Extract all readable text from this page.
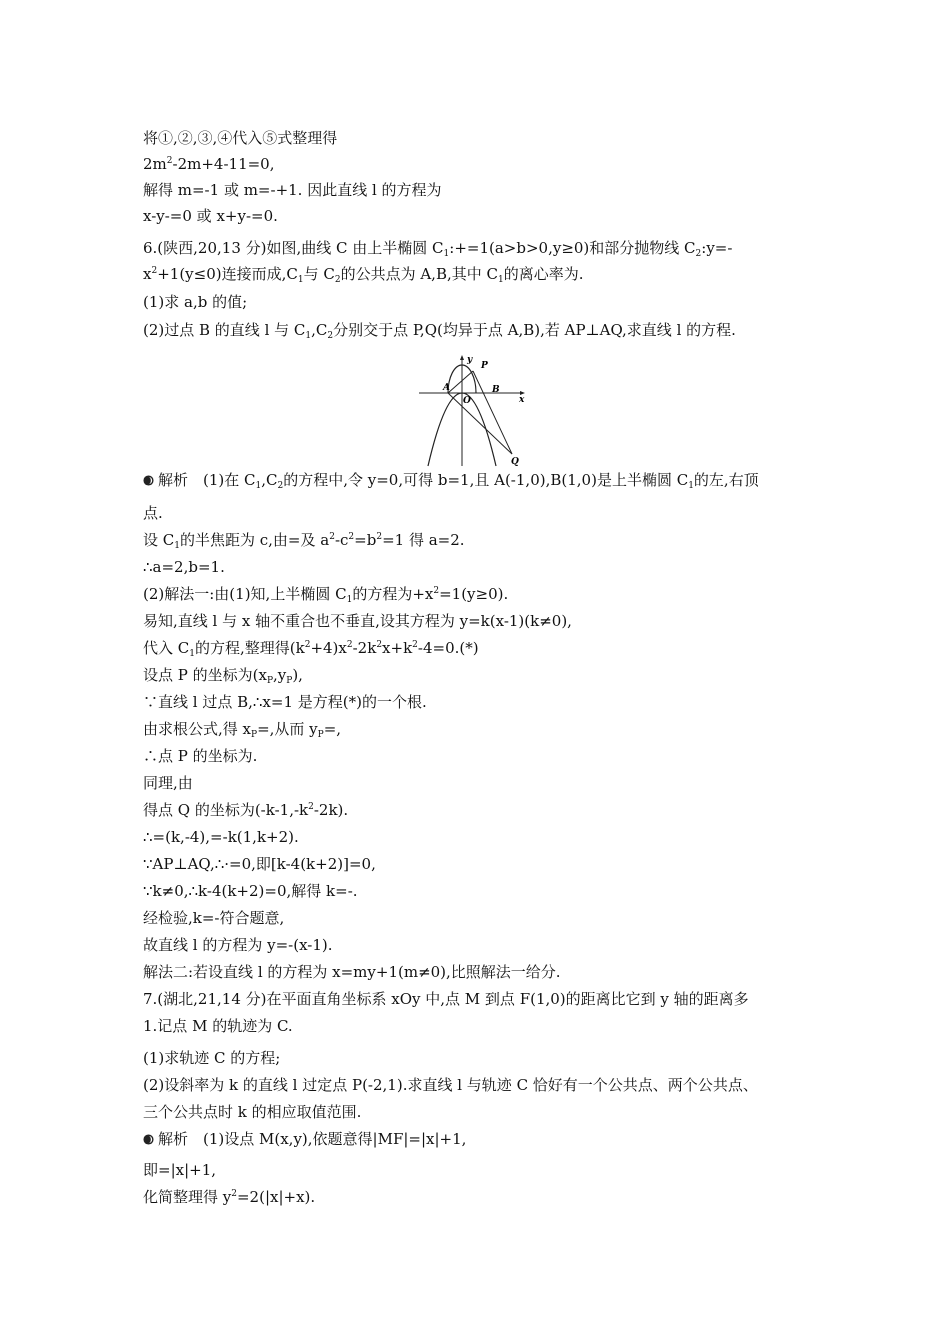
将①,②,③,④代入⑤式整理得
$2m^2-2m+4-11=0$,
解得 m=-1 或 m=-+1. 因此直线 l 的方程为
x-y-=0 或 x+y-=0.
6.(陕西,20,13 分)如图,曲线 C 由上半椭圆 $C_1:+=1(a>b>0,y\ge 0)$和部分抛物线 $C_2:y=-$
$x^2+1(y\le 0)$连接而成$,C_1$与 $C_2$的公共点为 A,B,其中 $C_1$的离心率为.
(1)求 a,b 的值;
(2)过点 B 的直线 l 与 $C_1,C_2$分别交于点 P,Q(均异于点 A,B),若 AP⊥AQ,求直线 l 的方程.
解析　(1)在 $C_1,C_2$的方程中,令 y=0,可得 b=1,且 A(-1,0),B(1,0)是上半椭圆 $C_1$的左,右顶
点.
设 $C_1$的半焦距为 c,由=及 $a^2-c^2=b^2=1$ 得 a=2.
∴a=2,b=1.
(2)解法一:由(1)知,上半椭圆 $C_1$的方程为$+x^2=1(y\ge 0)$.
易知,直线 l 与 x 轴不重合也不垂直,设其方程为 y=k(x-1)(k≠0),
代入 $C_1$的方程,整理得$(k^2+4)x^2-2k^2x+k^2-4=0.(*)$
设点 P 的坐标为$(x_P,y_P)$,
∵直线 l 过点 B,∴x=1 是方程(*)的一个根.
由求根公式,得 $x_P=$,从而 $y_P=$,
∴点 P 的坐标为.
同理,由
得点 Q 的坐标为$(-k-1,-k^2-2k)$.
∴=(k,-4),=-k(1,k+2).
∵AP⊥AQ,∴·=0,即[k-4(k+2)]=0,
∵k≠0,∴k-4(k+2)=0,解得 k=-.
经检验,k=-符合题意,
故直线 l 的方程为 y=-(x-1).
解法二:若设直线 l 的方程为 x=my+1(m≠0),比照解法一给分.
7.(湖北,21,14 分)在平面直角坐标系 xOy 中,点 M 到点 F(1,0)的距离比它到 y 轴的距离多
1.记点 M 的轨迹为 C.
(1)求轨迹 C 的方程;
(2)设斜率为 k 的直线 l 过定点 P(-2,1).求直线 l 与轨迹 C 恰好有一个公共点、两个公共点、
三个公共点时 k 的相应取值范围.
解析　(1)设点 M(x,y),依题意得|MF|=|x|+1,
即=|x|+1,
化简整理得 $y^2=2(|x|+x)$.
y
P
A
O
B
x
Q
